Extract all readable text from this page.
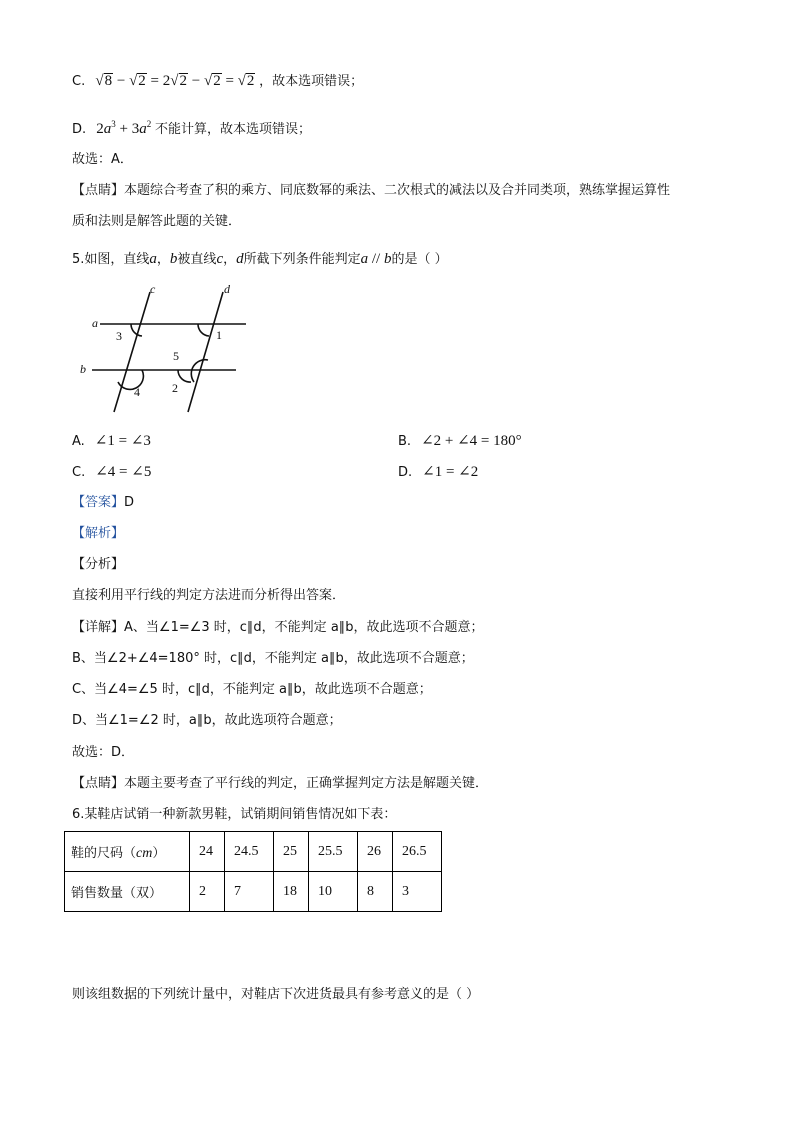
C. √8 − √2 = 2√2 − √2 = √2 ，故本选项错误；
D. $2a^3 + 3a^2$ 不能计算，故本选项错误；
故选：A．
【点睛】本题综合考查了积的乘方、同底数幂的乘法、二次根式的减法以及合并同类项，熟练掌握运算性
质和法则是解答此题的关键．
5.如图，直线a，b被直线c，d所截下列条件能判定a // b的是（ ）
c	d
a
b
1
3
5
4	2
A. ∠1 = ∠3	B. ∠2 + ∠4 = 180°
C. ∠4 = ∠5	D. ∠1 = ∠2
【答案】D
【解析】
【分析】
直接利用平行线的判定方法进而分析得出答案．
【详解】A、当∠1=∠3 时，c∥d，不能判定 a∥b，故此选项不合题意；
B、当∠2+∠4=180° 时，c∥d，不能判定 a∥b，故此选项不合题意；
C、当∠4=∠5 时，c∥d，不能判定 a∥b，故此选项不合题意；
D、当∠1=∠2 时，a∥b，故此选项符合题意；
故选：D．
【点睛】本题主要考查了平行线的判定，正确掌握判定方法是解题关键．
6.某鞋店试销一种新款男鞋，试销期间销售情况如下表：
鞋的尺码（cm）	24	24.5	25	25.5	26	26.5
销售数量（双）	2	7	18	10	8	3
则该组数据的下列统计量中，对鞋店下次进货最具有参考意义的是（ ）
